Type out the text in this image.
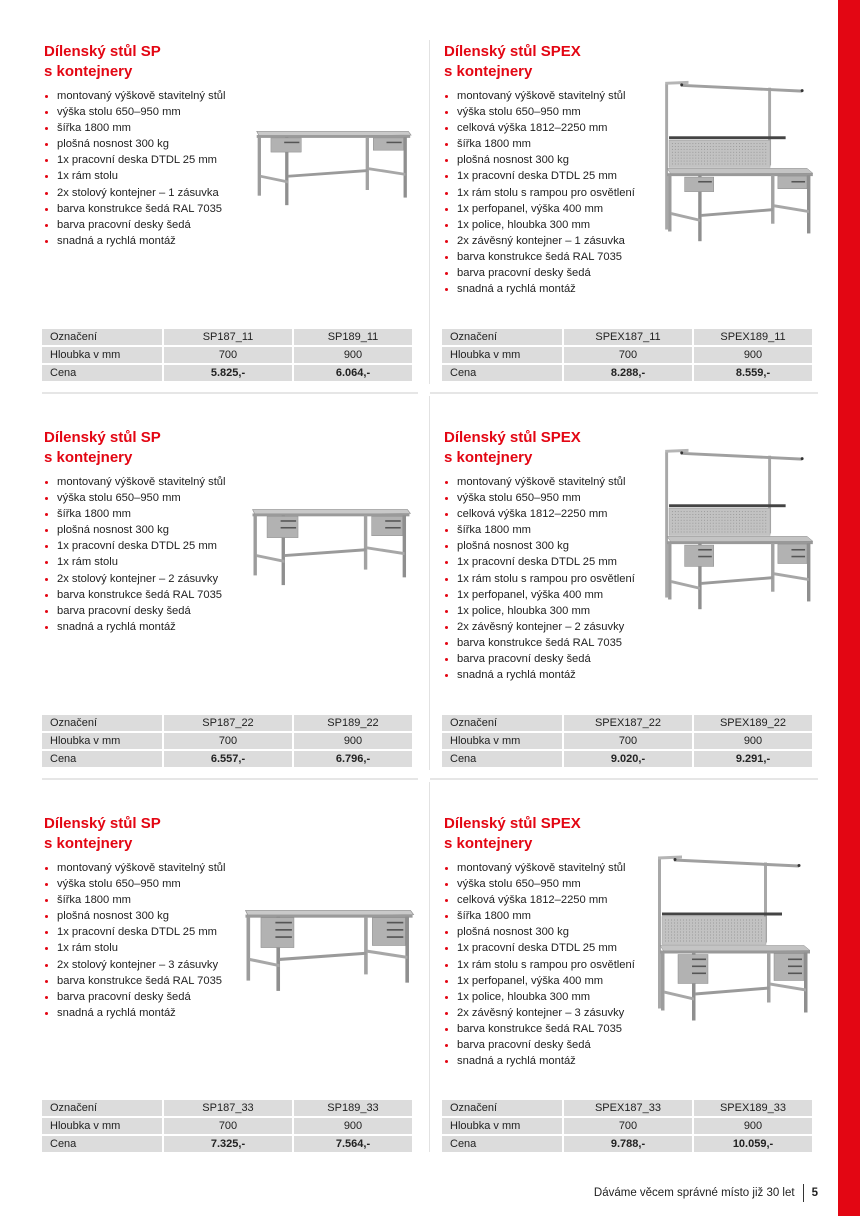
Dílenský stůl SP
s kontejnery
montovaný výškově stavitelný stůl
výška stolu 650–950 mm
šířka 1800 mm
plošná nosnost 300 kg
1x pracovní deska DTDL 25 mm
1x rám stolu
2x stolový kontejner – 1 zásuvka
barva konstrukce šedá RAL 7035
barva pracovní desky šedá
snadná a rychlá montáž
Označení	SP187_11	SP189_11
Hloubka v mm	700	900
Cena	5.825,-	6.064,-
Dílenský stůl SPEX
s kontejnery
montovaný výškově stavitelný stůl
výška stolu 650–950 mm
celková výška 1812–2250 mm
šířka 1800 mm
plošná nosnost 300 kg
1x pracovní deska DTDL 25 mm
1x rám stolu s rampou pro osvětlení
1x perfopanel, výška 400 mm
1x police, hloubka 300 mm
2x závěsný kontejner – 1 zásuvka
barva konstrukce šedá RAL 7035
barva pracovní desky šedá
snadná a rychlá montáž
Označení	SPEX187_11	SPEX189_11
Hloubka v mm	700	900
Cena	8.288,-	8.559,-
Dílenský stůl SP
s kontejnery
montovaný výškově stavitelný stůl
výška stolu 650–950 mm
šířka 1800 mm
plošná nosnost 300 kg
1x pracovní deska DTDL 25 mm
1x rám stolu
2x stolový kontejner – 2 zásuvky
barva konstrukce šedá RAL 7035
barva pracovní desky šedá
snadná a rychlá montáž
Označení	SP187_22	SP189_22
Hloubka v mm	700	900
Cena	6.557,-	6.796,-
Dílenský stůl SPEX
s kontejnery
montovaný výškově stavitelný stůl
výška stolu 650–950 mm
celková výška 1812–2250 mm
šířka 1800 mm
plošná nosnost 300 kg
1x pracovní deska DTDL 25 mm
1x rám stolu s rampou pro osvětlení
1x perfopanel, výška 400 mm
1x police, hloubka 300 mm
2x závěsný kontejner – 2 zásuvky
barva konstrukce šedá RAL 7035
barva pracovní desky šedá
snadná a rychlá montáž
Označení	SPEX187_22	SPEX189_22
Hloubka v mm	700	900
Cena	9.020,-	9.291,-
Dílenský stůl SP
s kontejnery
montovaný výškově stavitelný stůl
výška stolu 650–950 mm
šířka 1800 mm
plošná nosnost 300 kg
1x pracovní deska DTDL 25 mm
1x rám stolu
2x stolový kontejner – 3 zásuvky
barva konstrukce šedá RAL 7035
barva pracovní desky šedá
snadná a rychlá montáž
Označení	SP187_33	SP189_33
Hloubka v mm	700	900
Cena	7.325,-	7.564,-
Dílenský stůl SPEX
s kontejnery
montovaný výškově stavitelný stůl
výška stolu 650–950 mm
celková výška 1812–2250 mm
šířka 1800 mm
plošná nosnost 300 kg
1x pracovní deska DTDL 25 mm
1x rám stolu s rampou pro osvětlení
1x perfopanel, výška 400 mm
1x police, hloubka 300 mm
2x závěsný kontejner – 3 zásuvky
barva konstrukce šedá RAL 7035
barva pracovní desky šedá
snadná a rychlá montáž
Označení	SPEX187_33	SPEX189_33
Hloubka v mm	700	900
Cena	9.788,-	10.059,-
Dáváme věcem správné místo již 30 let 5
